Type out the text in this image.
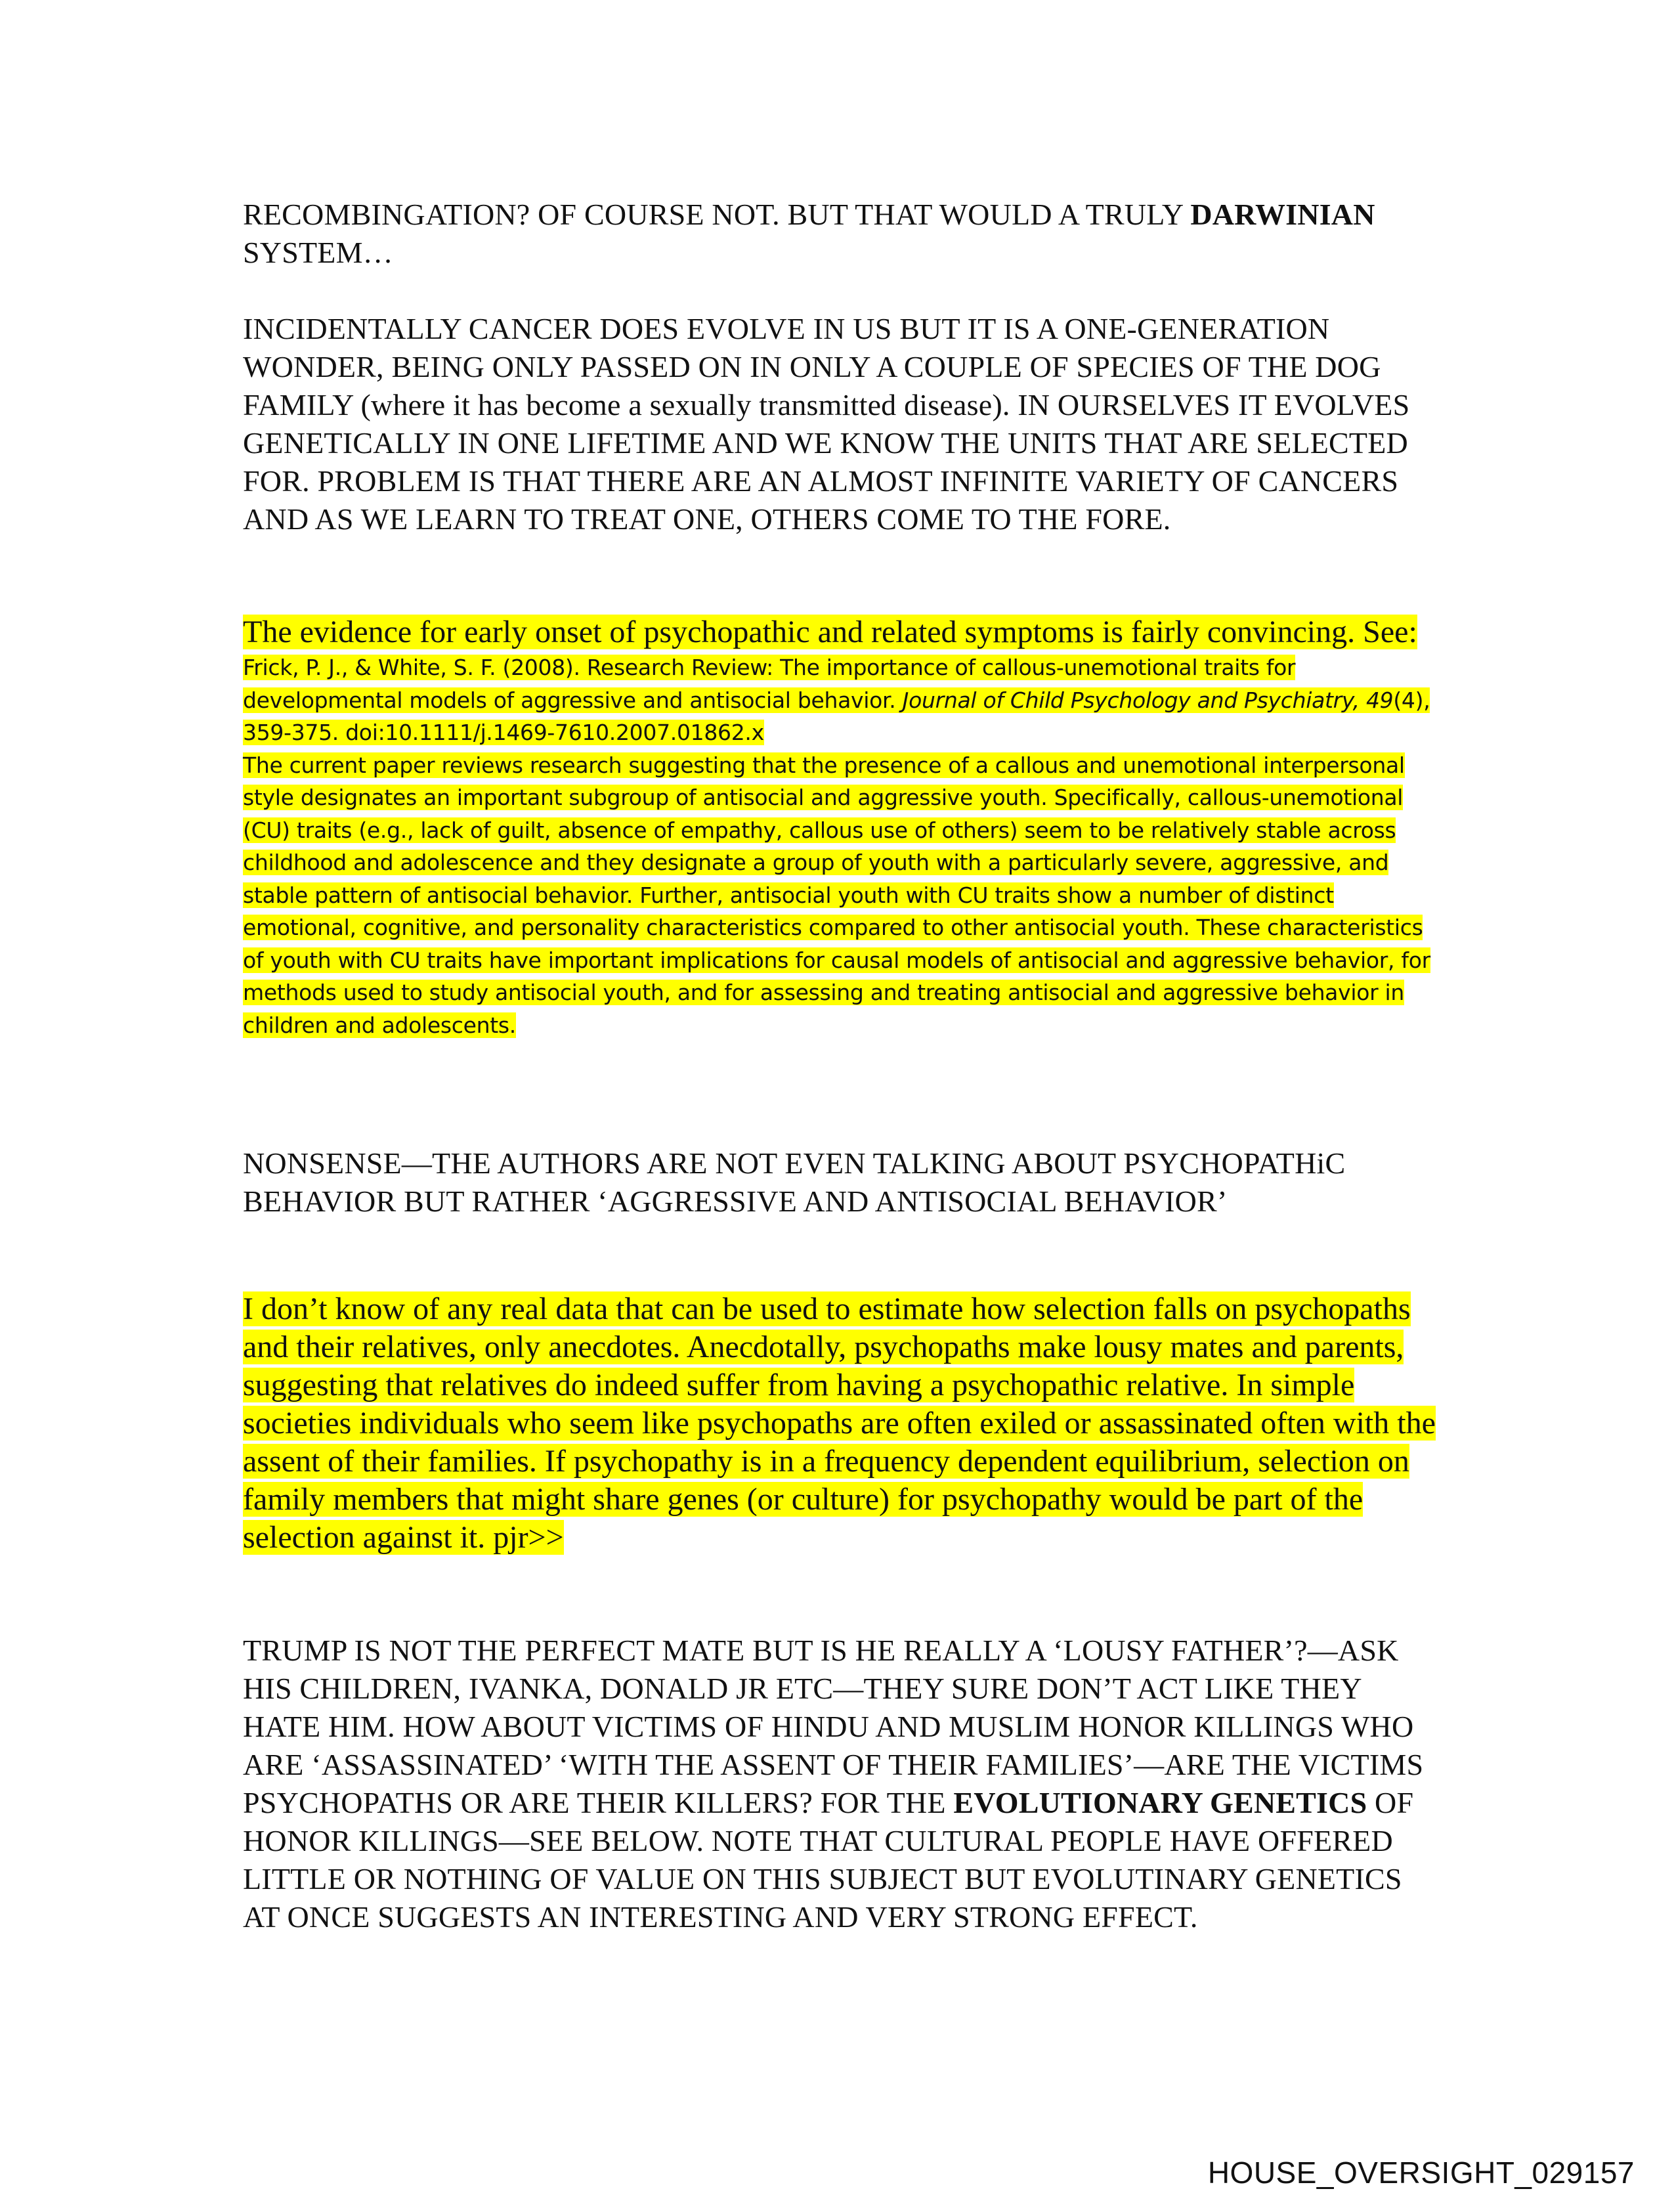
RECOMBINGATION? OF COURSE NOT. BUT THAT WOULD A TRULY DARWINIAN SYSTEM…
INCIDENTALLY CANCER DOES EVOLVE IN US BUT IT IS A ONE-GENERATION WONDER, BEING ONLY PASSED ON IN ONLY A COUPLE OF SPECIES OF THE DOG FAMILY (where it has become a sexually transmitted disease). IN OURSELVES IT EVOLVES GENETICALLY IN ONE LIFETIME AND WE KNOW THE UNITS THAT ARE SELECTED FOR. PROBLEM IS THAT THERE ARE AN ALMOST INFINITE VARIETY OF CANCERS AND AS WE LEARN TO TREAT ONE, OTHERS COME TO THE FORE.
The evidence for early onset of psychopathic and related symptoms is fairly convincing. See:
Frick, P. J., & White, S. F. (2008). Research Review: The importance of callous-unemotional traits for developmental models of aggressive and antisocial behavior. Journal of Child Psychology and Psychiatry, 49(4), 359-375. doi:10.1111/j.1469-7610.2007.01862.x
The current paper reviews research suggesting that the presence of a callous and unemotional interpersonal style designates an important subgroup of antisocial and aggressive youth. Specifically, callous-unemotional (CU) traits (e.g., lack of guilt, absence of empathy, callous use of others) seem to be relatively stable across childhood and adolescence and they designate a group of youth with a particularly severe, aggressive, and stable pattern of antisocial behavior. Further, antisocial youth with CU traits show a number of distinct emotional, cognitive, and personality characteristics compared to other antisocial youth. These characteristics of youth with CU traits have important implications for causal models of antisocial and aggressive behavior, for methods used to study antisocial youth, and for assessing and treating antisocial and aggressive behavior in children and adolescents.
NONSENSE—THE AUTHORS ARE NOT EVEN TALKING ABOUT PSYCHOPATHiC BEHAVIOR BUT RATHER ‘AGGRESSIVE AND ANTISOCIAL BEHAVIOR’
I don’t know of any real data that can be used to estimate how selection falls on psychopaths and their relatives, only anecdotes. Anecdotally, psychopaths make lousy mates and parents, suggesting that relatives do indeed suffer from having a psychopathic relative. In simple societies individuals who seem like psychopaths are often exiled or assassinated often with the assent of their families. If psychopathy is in a frequency dependent equilibrium, selection on family members that might share genes (or culture) for psychopathy would be part of the selection against it. pjr>>
TRUMP IS NOT THE PERFECT MATE BUT IS HE REALLY A ‘LOUSY FATHER’?—ASK HIS CHILDREN, IVANKA, DONALD JR ETC—THEY SURE DON’T ACT LIKE THEY HATE HIM. HOW ABOUT VICTIMS OF HINDU AND MUSLIM HONOR KILLINGS WHO ARE ‘ASSASSINATED’ ‘WITH THE ASSENT OF THEIR FAMILIES’—ARE THE VICTIMS PSYCHOPATHS OR ARE THEIR KILLERS? FOR THE EVOLUTIONARY GENETICS OF HONOR KILLINGS—SEE BELOW. NOTE THAT CULTURAL PEOPLE HAVE OFFERED LITTLE OR NOTHING OF VALUE ON THIS SUBJECT BUT EVOLUTINARY GENETICS AT ONCE SUGGESTS AN INTERESTING AND VERY STRONG EFFECT.
HOUSE_OVERSIGHT_029157
